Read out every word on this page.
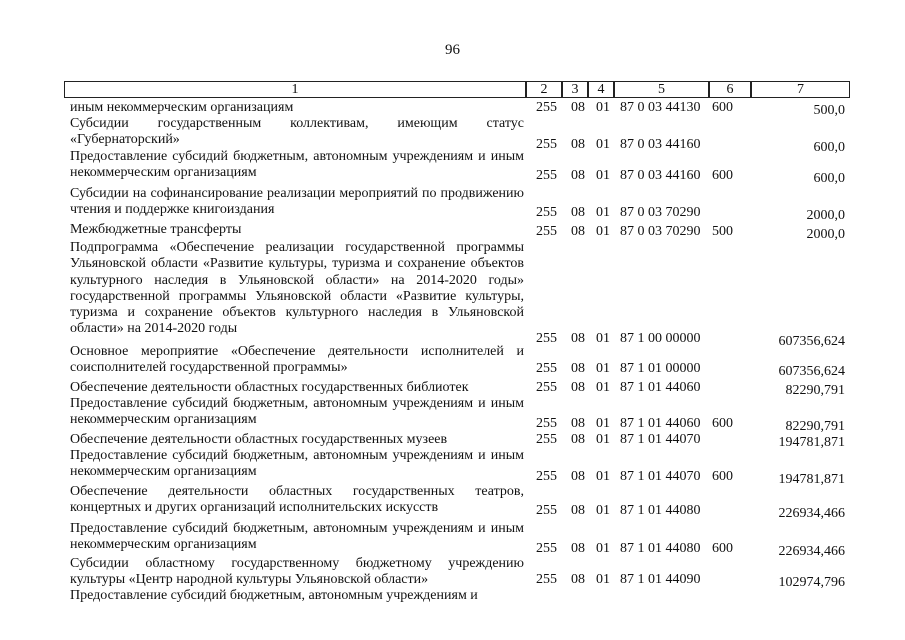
96
1	2	3	4	5	6	7
иным некоммерческим организациям	255 08 01 87 0 03 44130 600	500,0
Субсидии государственным коллективам, имеющим статус «Губернаторский»	255 08 01 87 0 03 44160	600,0
Предоставление субсидий бюджетным, автономным учреждениям и иным некоммерческим организациям	255 08 01 87 0 03 44160 600	600,0
Субсидии на софинансирование реализации мероприятий по продвижению чтения и поддержке книгоиздания	255 08 01 87 0 03 70290	2000,0
Межбюджетные трансферты	255 08 01 87 0 03 70290 500	2000,0
Подпрограмма «Обеспечение реализации государственной программы Ульяновской области «Развитие культуры, туризма и сохранение объектов культурного наследия в Ульяновской области» на 2014-2020 годы» государственной программы Ульяновской области «Развитие культуры, туризма и сохранение объектов культурного наследия в Ульяновской области» на 2014-2020 годы
255 08 01 87 1 00 00000	607356,624
Основное мероприятие «Обеспечение деятельности исполнителей и соисполнителей государственной программы»	255 08 01 87 1 01 00000	607356,624
Обеспечение деятельности областных государственных библиотек	255 08 01 87 1 01 44060	82290,791
Предоставление субсидий бюджетным, автономным учреждениям и иным некоммерческим организациям	255 08 01 87 1 01 44060 600	82290,791
Обеспечение деятельности областных государственных музеев	255 08 01 87 1 01 44070	194781,871
Предоставление субсидий бюджетным, автономным учреждениям и иным некоммерческим организациям	255 08 01 87 1 01 44070 600	194781,871
Обеспечение деятельности областных государственных театров, концертных и других организаций исполнительских искусств	255 08 01 87 1 01 44080	226934,466
Предоставление субсидий бюджетным, автономным учреждениям и иным некоммерческим организациям	255 08 01 87 1 01 44080 600	226934,466
Субсидии областному государственному бюджетному учреждению культуры «Центр народной культуры Ульяновской области»	255 08 01 87 1 01 44090	102974,796
Предоставление субсидий бюджетным, автономным учреждениям и
